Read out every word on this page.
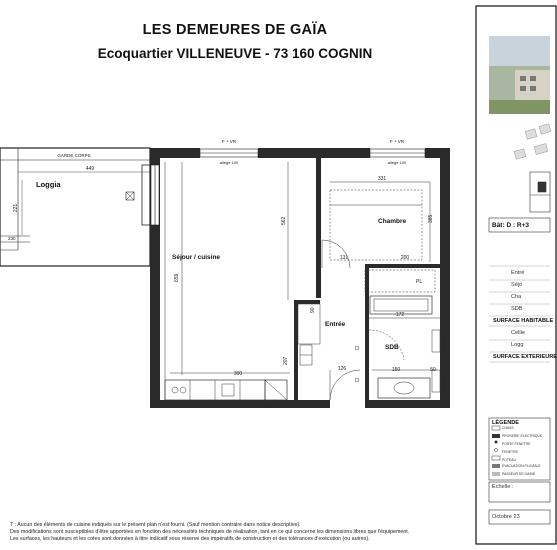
LES DEMEURES DE GAÏA
Ecoquartier VILLENEUVE - 73 160 COGNIN
GARDE CORPS
449
221
230
Loggia
F + VR
allège 100
F + VR
allège 100
Séjour / cuisine
659
562
300
207
Chambre
331
385
131	200
PL
Entrée
90
126
SDB
172
150	50
T : Aucun des éléments de cuisine indiqués sur le présent plan n'est fourni. (Sauf mention contraire dans notice descriptive).
Des modifications sont susceptibles d'être apportées en fonction des nécessités techniques de réalisation, tant en ce qui concerne les dimensions libres que l'équipement.
Les surfaces, les hauteurs et les cotes sont données à titre indicatif sous réserve des impératifs de construction et des tolérances d'exécution (ou autres).
Bât: D : R+3
Entré
Séjo
Cha
SDB
SURFACE HABITABLE
Cellie
Logg
SURFACE EXTERIEURE
LÉGENDE
CHASS
PROSERIE ELECTRIQUE
PORTE FENETRE
FENETRE
POTEAU
EVACUATION PLUVIALE
PASSEUR DE GAINE
Echelle :
Octobre 23
